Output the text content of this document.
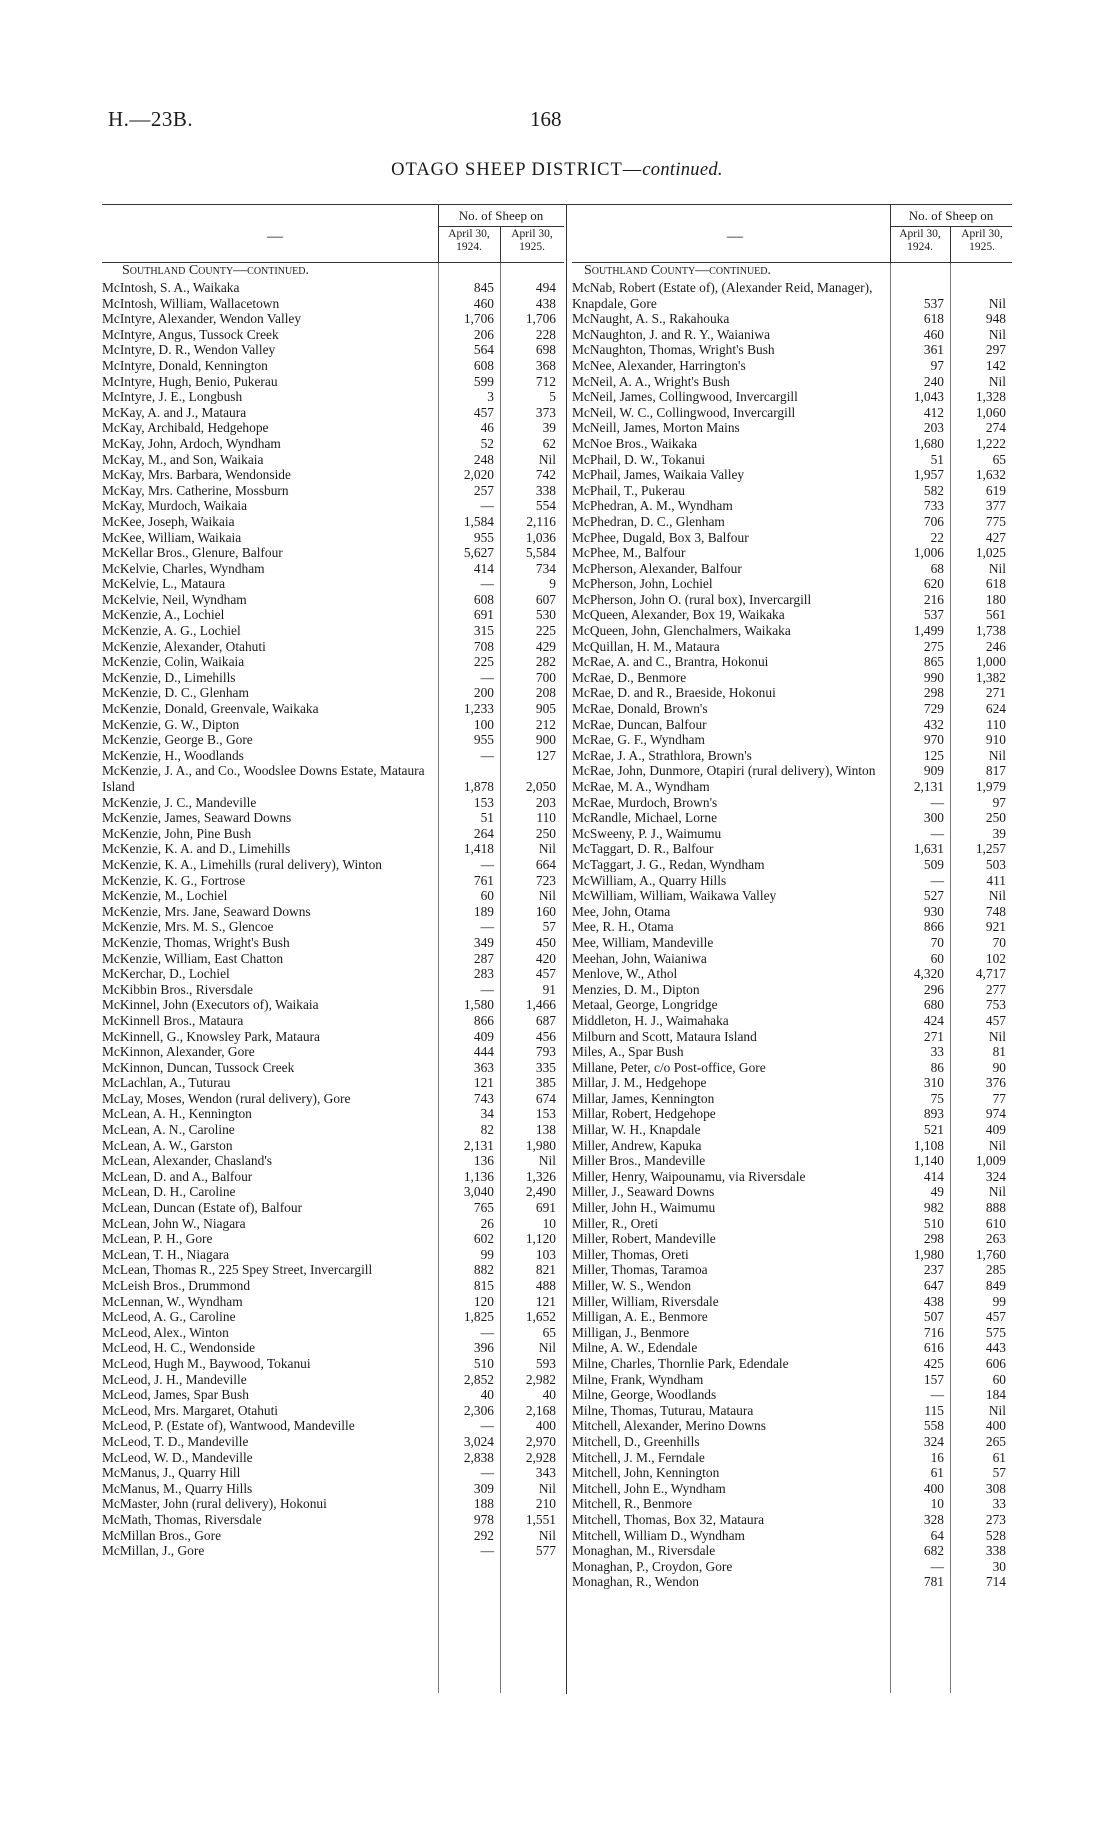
H.—23B.	168
OTAGO SHEEP DISTRICT—continued.
—
No. of Sheep on
April 30, 1924.
April 30, 1925.
Southland County—continued.
McIntosh, S. A., Waikaka	845	494
McIntosh, William, Wallacetown	460	438
McIntyre, Alexander, Wendon Valley	1,706	1,706
McIntyre, Angus, Tussock Creek	206	228
McIntyre, D. R., Wendon Valley	564	698
McIntyre, Donald, Kennington	608	368
McIntyre, Hugh, Benio, Pukerau	599	712
McIntyre, J. E., Longbush	3	5
McKay, A. and J., Mataura	457	373
McKay, Archibald, Hedgehope	46	39
McKay, John, Ardoch, Wyndham	52	62
McKay, M., and Son, Waikaia	248	Nil
McKay, Mrs. Barbara, Wendonside	2,020	742
McKay, Mrs. Catherine, Mossburn	257	338
McKay, Murdoch, Waikaia	—	554
McKee, Joseph, Waikaia	1,584	2,116
McKee, William, Waikaia	955	1,036
McKellar Bros., Glenure, Balfour	5,627	5,584
McKelvie, Charles, Wyndham	414	734
McKelvie, L., Mataura	—	9
McKelvie, Neil, Wyndham	608	607
McKenzie, A., Lochiel	691	530
McKenzie, A. G., Lochiel	315	225
McKenzie, Alexander, Otahuti	708	429
McKenzie, Colin, Waikaia	225	282
McKenzie, D., Limehills	—	700
McKenzie, D. C., Glenham	200	208
McKenzie, Donald, Greenvale, Waikaka	1,233	905
McKenzie, G. W., Dipton	100	212
McKenzie, George B., Gore	955	900
McKenzie, H., Woodlands	—	127
McKenzie, J. A., and Co., Woodslee Downs Estate, Mataura Island	1,878	2,050
McKenzie, J. C., Mandeville	153	203
McKenzie, James, Seaward Downs	51	110
McKenzie, John, Pine Bush	264	250
McKenzie, K. A. and D., Limehills	1,418	Nil
McKenzie, K. A., Limehills (rural delivery), Winton	—	664
McKenzie, K. G., Fortrose	761	723
McKenzie, M., Lochiel	60	Nil
McKenzie, Mrs. Jane, Seaward Downs	189	160
McKenzie, Mrs. M. S., Glencoe	—	57
McKenzie, Thomas, Wright's Bush	349	450
McKenzie, William, East Chatton	287	420
McKerchar, D., Lochiel	283	457
McKibbin Bros., Riversdale	—	91
McKinnel, John (Executors of), Waikaia	1,580	1,466
McKinnell Bros., Mataura	866	687
McKinnell, G., Knowsley Park, Mataura	409	456
McKinnon, Alexander, Gore	444	793
McKinnon, Duncan, Tussock Creek	363	335
McLachlan, A., Tuturau	121	385
McLay, Moses, Wendon (rural delivery), Gore	743	674
McLean, A. H., Kennington	34	153
McLean, A. N., Caroline	82	138
McLean, A. W., Garston	2,131	1,980
McLean, Alexander, Chasland's	136	Nil
McLean, D. and A., Balfour	1,136	1,326
McLean, D. H., Caroline	3,040	2,490
McLean, Duncan (Estate of), Balfour	765	691
McLean, John W., Niagara	26	10
McLean, P. H., Gore	602	1,120
McLean, T. H., Niagara	99	103
McLean, Thomas R., 225 Spey Street, Invercargill	882	821
McLeish Bros., Drummond	815	488
McLennan, W., Wyndham	120	121
McLeod, A. G., Caroline	1,825	1,652
McLeod, Alex., Winton	—	65
McLeod, H. C., Wendonside	396	Nil
McLeod, Hugh M., Baywood, Tokanui	510	593
McLeod, J. H., Mandeville	2,852	2,982
McLeod, James, Spar Bush	40	40
McLeod, Mrs. Margaret, Otahuti	2,306	2,168
McLeod, P. (Estate of), Wantwood, Mandeville	—	400
McLeod, T. D., Mandeville	3,024	2,970
McLeod, W. D., Mandeville	2,838	2,928
McManus, J., Quarry Hill	—	343
McManus, M., Quarry Hills	309	Nil
McMaster, John (rural delivery), Hokonui	188	210
McMath, Thomas, Riversdale	978	1,551
McMillan Bros., Gore	292	Nil
McMillan, J., Gore	—	577
—
No. of Sheep on
April 30, 1924.
April 30, 1925.
Southland County—continued.
McNab, Robert (Estate of), (Alexander Reid, Manager), Knapdale, Gore	537	Nil
McNaught, A. S., Rakahouka	618	948
McNaughton, J. and R. Y., Waianiwa	460	Nil
McNaughton, Thomas, Wright's Bush	361	297
McNee, Alexander, Harrington's	97	142
McNeil, A. A., Wright's Bush	240	Nil
McNeil, James, Collingwood, Invercargill	1,043	1,328
McNeil, W. C., Collingwood, Invercargill	412	1,060
McNeill, James, Morton Mains	203	274
McNoe Bros., Waikaka	1,680	1,222
McPhail, D. W., Tokanui	51	65
McPhail, James, Waikaia Valley	1,957	1,632
McPhail, T., Pukerau	582	619
McPhedran, A. M., Wyndham	733	377
McPhedran, D. C., Glenham	706	775
McPhee, Dugald, Box 3, Balfour	22	427
McPhee, M., Balfour	1,006	1,025
McPherson, Alexander, Balfour	68	Nil
McPherson, John, Lochiel	620	618
McPherson, John O. (rural box), Invercargill	216	180
McQueen, Alexander, Box 19, Waikaka	537	561
McQueen, John, Glenchalmers, Waikaka	1,499	1,738
McQuillan, H. M., Mataura	275	246
McRae, A. and C., Brantra, Hokonui	865	1,000
McRae, D., Benmore	990	1,382
McRae, D. and R., Braeside, Hokonui	298	271
McRae, Donald, Brown's	729	624
McRae, Duncan, Balfour	432	110
McRae, G. F., Wyndham	970	910
McRae, J. A., Strathlora, Brown's	125	Nil
McRae, John, Dunmore, Otapiri (rural delivery), Winton	909	817
McRae, M. A., Wyndham	2,131	1,979
McRae, Murdoch, Brown's	—	97
McRandle, Michael, Lorne	300	250
McSweeny, P. J., Waimumu	—	39
McTaggart, D. R., Balfour	1,631	1,257
McTaggart, J. G., Redan, Wyndham	509	503
McWilliam, A., Quarry Hills	—	411
McWilliam, William, Waikawa Valley	527	Nil
Mee, John, Otama	930	748
Mee, R. H., Otama	866	921
Mee, William, Mandeville	70	70
Meehan, John, Waianiwa	60	102
Menlove, W., Athol	4,320	4,717
Menzies, D. M., Dipton	296	277
Metaal, George, Longridge	680	753
Middleton, H. J., Waimahaka	424	457
Milburn and Scott, Mataura Island	271	Nil
Miles, A., Spar Bush	33	81
Millane, Peter, c/o Post-office, Gore	86	90
Millar, J. M., Hedgehope	310	376
Millar, James, Kennington	75	77
Millar, Robert, Hedgehope	893	974
Millar, W. H., Knapdale	521	409
Miller, Andrew, Kapuka	1,108	Nil
Miller Bros., Mandeville	1,140	1,009
Miller, Henry, Waipounamu, via Riversdale	414	324
Miller, J., Seaward Downs	49	Nil
Miller, John H., Waimumu	982	888
Miller, R., Oreti	510	610
Miller, Robert, Mandeville	298	263
Miller, Thomas, Oreti	1,980	1,760
Miller, Thomas, Taramoa	237	285
Miller, W. S., Wendon	647	849
Miller, William, Riversdale	438	99
Milligan, A. E., Benmore	507	457
Milligan, J., Benmore	716	575
Milne, A. W., Edendale	616	443
Milne, Charles, Thornlie Park, Edendale	425	606
Milne, Frank, Wyndham	157	60
Milne, George, Woodlands	—	184
Milne, Thomas, Tuturau, Mataura	115	Nil
Mitchell, Alexander, Merino Downs	558	400
Mitchell, D., Greenhills	324	265
Mitchell, J. M., Ferndale	16	61
Mitchell, John, Kennington	61	57
Mitchell, John E., Wyndham	400	308
Mitchell, R., Benmore	10	33
Mitchell, Thomas, Box 32, Mataura	328	273
Mitchell, William D., Wyndham	64	528
Monaghan, M., Riversdale	682	338
Monaghan, P., Croydon, Gore	—	30
Monaghan, R., Wendon	781	714
